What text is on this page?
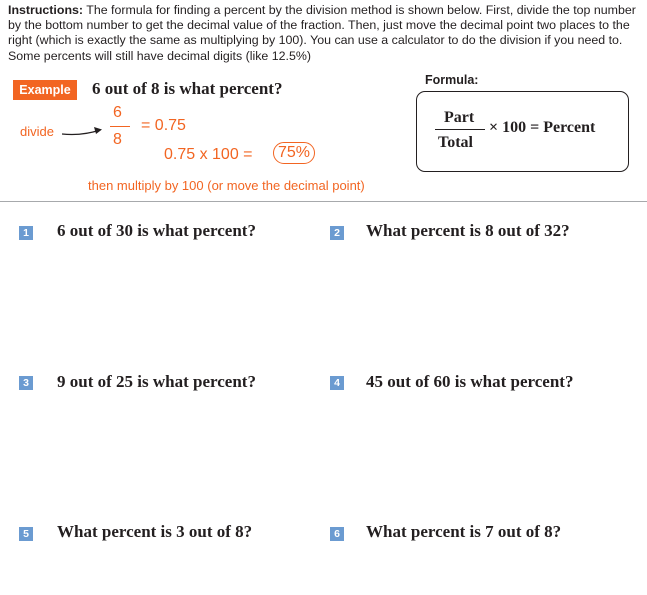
Instructions: The formula for finding a percent by the division method is shown below. First, divide the top number by the bottom number to get the decimal value of the fraction. Then, just move the decimal point two places to the right (which is exactly the same as multiplying by 100). You can use a calculator to do the division if you need to. Some percents will still have decimal digits (like 12.5%)
Example	6 out of 8 is what percent?	Formula:
Part
Total
× 100 = Percent
divide
6
8
= 0.75
0.75 x 100 =	75%
then multiply by 100 (or move the decimal point)
1 6 out of 30 is what percent?	2 What percent is 8 out of 32?
3 9 out of 25 is what percent?	4 45 out of 60 is what percent?
5 What percent is 3 out of 8?	6 What percent is 7 out of 8?
